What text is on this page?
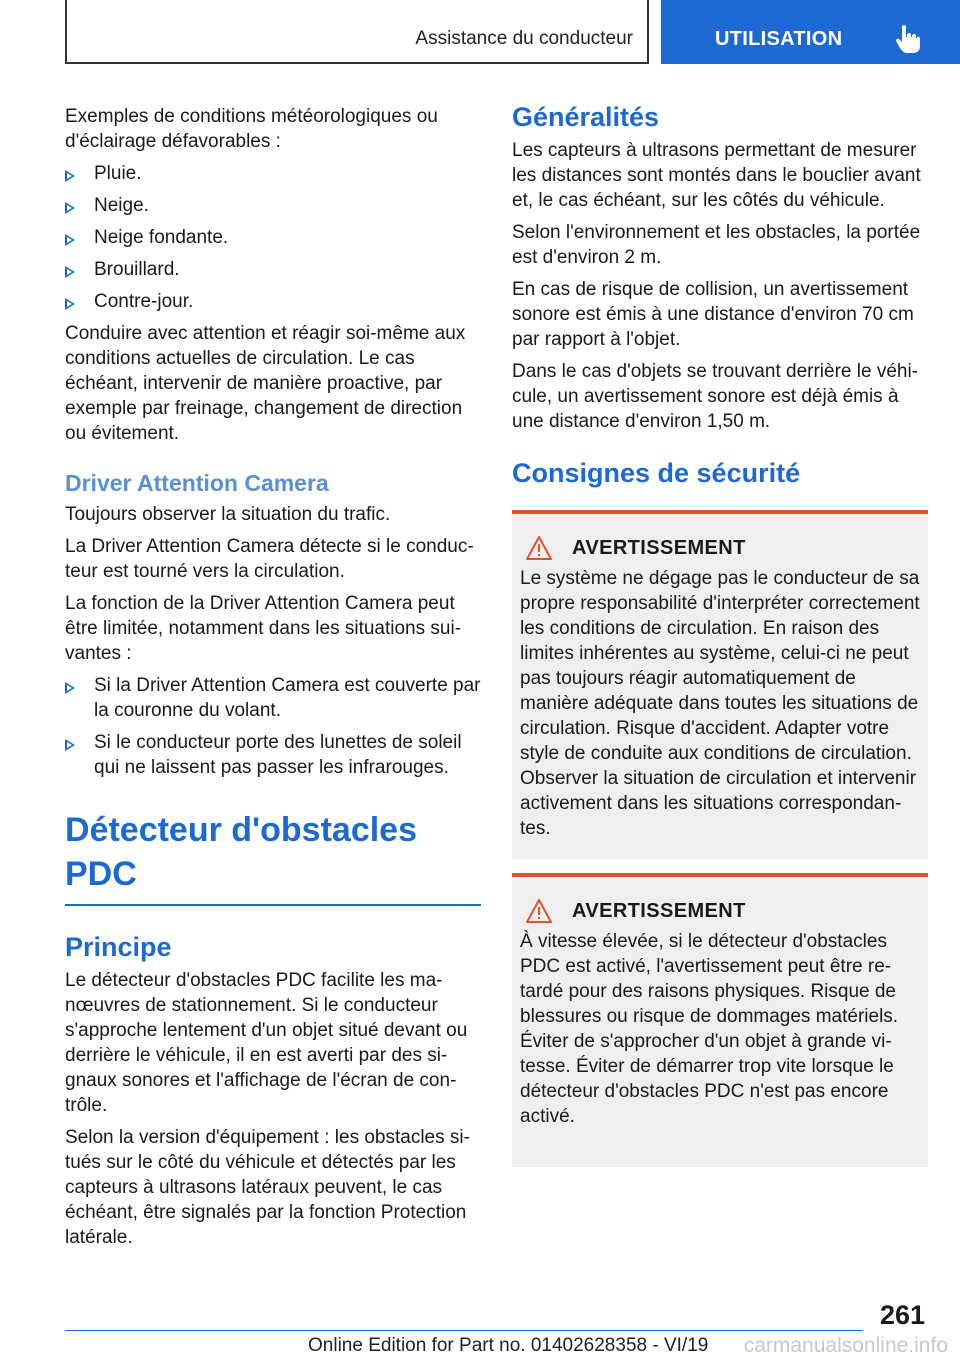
Assistance du conducteur	UTILISATION

Exemples de conditions météorologiques ou d'éclairage défavorables :

Pluie.
Neige.
Neige fondante.
Brouillard.
Contre-jour.

Conduire avec attention et réagir soi-même aux conditions actuelles de circulation. Le cas échéant, intervenir de manière proactive, par exemple par freinage, changement de direction ou évitement.

Driver Attention Camera

Toujours observer la situation du trafic.

La Driver Attention Camera détecte si le conducteur est tourné vers la circulation.

La fonction de la Driver Attention Camera peut être limitée, notamment dans les situations suivantes :

Si la Driver Attention Camera est couverte par la couronne du volant.
Si le conducteur porte des lunettes de soleil qui ne laissent pas passer les infrarouges.
Détecteur d'obstacles PDC
Principe

Le détecteur d'obstacles PDC facilite les manœuvres de stationnement. Si le conducteur s'approche lentement d'un objet situé devant ou derrière le véhicule, il en est averti par des signaux sonores et l'affichage de l'écran de contrôle.

Selon la version d'équipement : les obstacles situés sur le côté du véhicule et détectés par les capteurs à ultrasons latéraux peuvent, le cas échéant, être signalés par la fonction Protection latérale.

Généralités

Les capteurs à ultrasons permettant de mesurer les distances sont montés dans le bouclier avant et, le cas échéant, sur les côtés du véhicule.

Selon l'environnement et les obstacles, la portée est d'environ 2 m.

En cas de risque de collision, un avertissement sonore est émis à une distance d'environ 70 cm par rapport à l'objet.

Dans le cas d'objets se trouvant derrière le véhicule, un avertissement sonore est déjà émis à une distance d'environ 1,50 m.

Consignes de sécurité
AVERTISSEMENT

Le système ne dégage pas le conducteur de sa propre responsabilité d'interpréter correctement les conditions de circulation. En raison des limites inhérentes au système, celui-ci ne peut pas toujours réagir automatiquement de manière adéquate dans toutes les situations de circulation. Risque d'accident. Adapter votre style de conduite aux conditions de circulation. Observer la situation de circulation et intervenir activement dans les situations correspondantes.

AVERTISSEMENT

À vitesse élevée, si le détecteur d'obstacles PDC est activé, l'avertissement peut être retardé pour des raisons physiques. Risque de blessures ou risque de dommages matériels. Éviter de s'approcher d'un objet à grande vitesse. Éviter de démarrer trop vite lorsque le détecteur d'obstacles PDC n'est pas encore activé.

261
Online Edition for Part no. 01402628358 - VI/19 carmanualsonline.info
